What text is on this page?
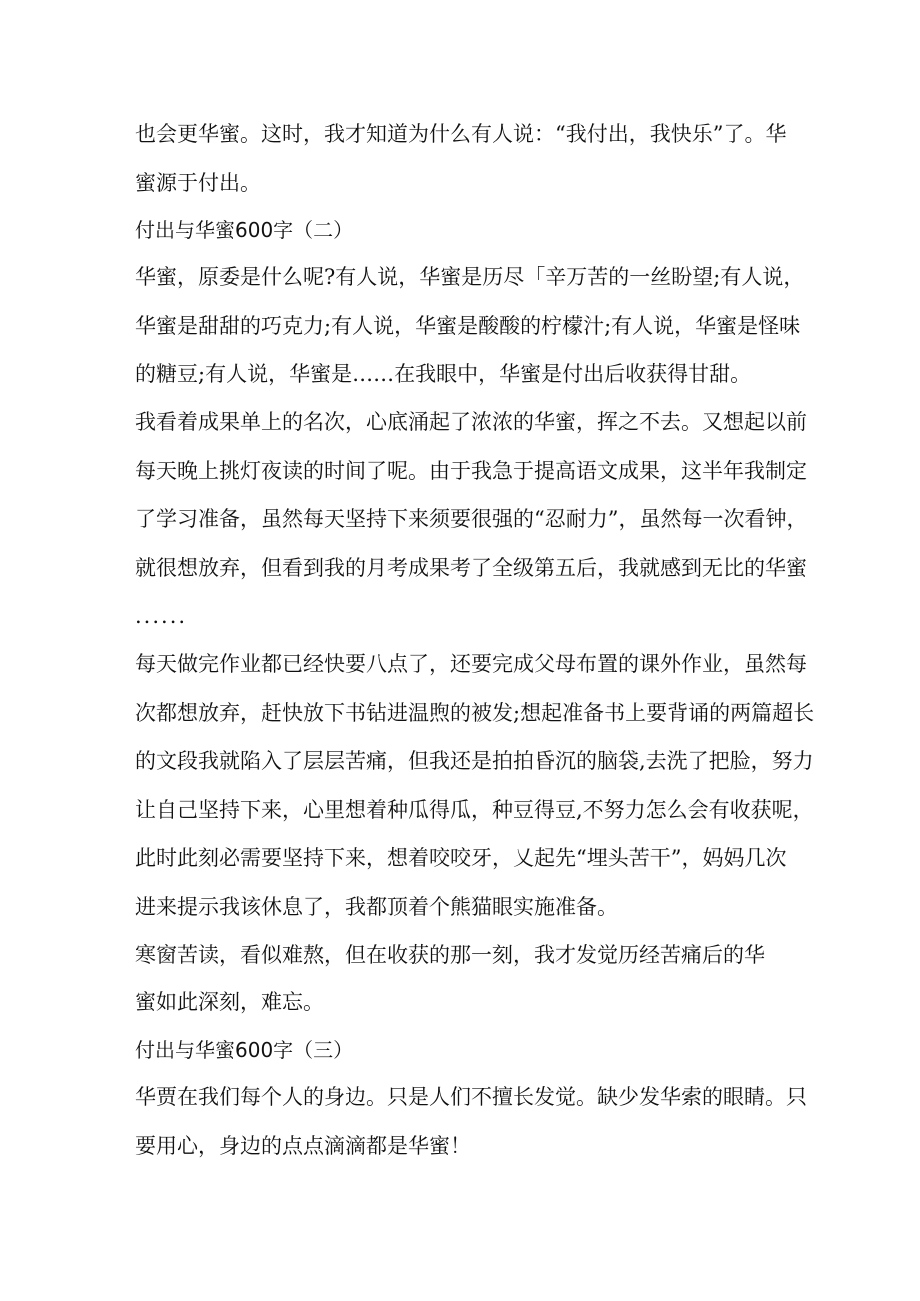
也会更华蜜。这时，我才知道为什么有人说：“我付出，我快乐”了。华
蜜源于付出。
付出与华蜜600字（二）
华蜜，原委是什么呢?有人说，华蜜是历尽「辛万苦的一丝盼望;有人说，
华蜜是甜甜的巧克力;有人说，华蜜是酸酸的柠檬汁;有人说，华蜜是怪味
的糖豆;有人说，华蜜是……在我眼中，华蜜是付出后收获得甘甜。
我看着成果单上的名次，心底涌起了浓浓的华蜜，挥之不去。又想起以前
每天晚上挑灯夜读的时间了呢。由于我急于提高语文成果，这半年我制定
了学习准备，虽然每天坚持下来须要很强的“忍耐力”，虽然每一次看钟，
就很想放弃，但看到我的月考成果考了全级第五后，我就感到无比的华蜜
......
每天做完作业都已经快要八点了，还要完成父母布置的课外作业，虽然每
次都想放弃，赶快放下书钻进温煦的被发;想起准备书上要背诵的两篇超长
的文段我就陷入了层层苦痛，但我还是拍拍昏沉的脑袋,去洗了把脸，努力
让自己坚持下来，心里想着种瓜得瓜，种豆得豆,不努力怎么会有收获呢，
此时此刻必需要坚持下来，想着咬咬牙，乂起先“埋头苦干”，妈妈几次
进来提示我该休息了，我都顶着个熊猫眼实施准备。
寒窗苦读，看似难熬，但在收获的那一刻，我才发觉历经苦痛后的华
蜜如此深刻，难忘。
付出与华蜜600字（三）
华贾在我们每个人的身边。只是人们不擅长发觉。缺少发华索的眼睛。只
要用心，身边的点点滴滴都是华蜜！
